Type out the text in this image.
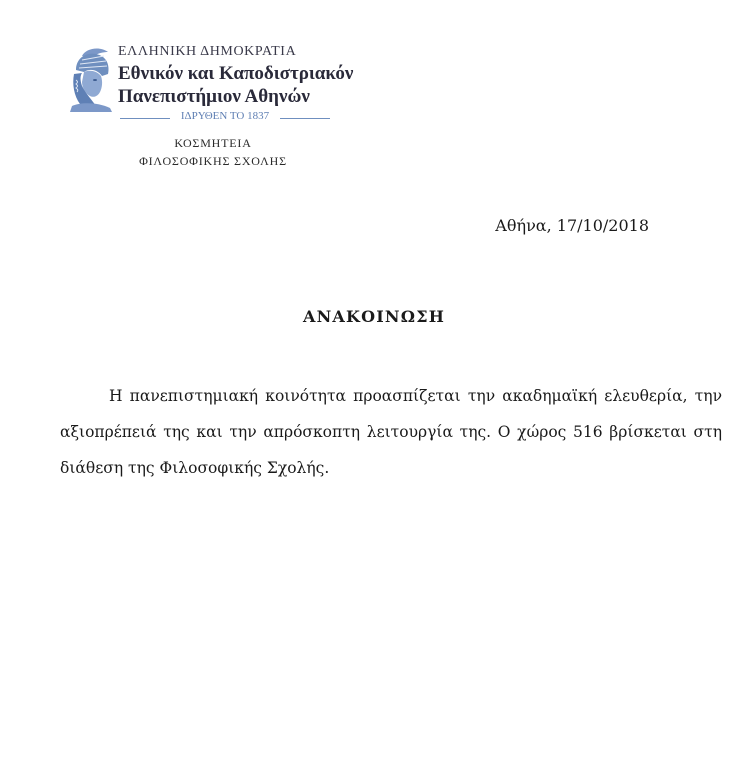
ΕΛΛΗΝΙΚΗ ΔΗΜΟΚΡΑΤΙΑ
Εθνικόν και Καποδιστριακόν
Πανεπιστήμιον Αθηνών
ΙΔΡΥΘΕΝ ΤΟ 1837
ΚΟΣΜΗΤΕΙΑ
ΦΙΛΟΣΟΦΙΚΗΣ ΣΧΟΛΗΣ
Αθήνα, 17/10/2018
ΑΝΑΚΟΙΝΩΣΗ

Η πανεπιστημιακή κοινότητα προασπίζεται την ακαδημαϊκή ελευθερία, την αξιοπρέπειά της και την απρόσκοπτη λειτουργία της. Ο χώρος 516 βρίσκεται στη διάθεση της Φιλοσοφικής Σχολής.
